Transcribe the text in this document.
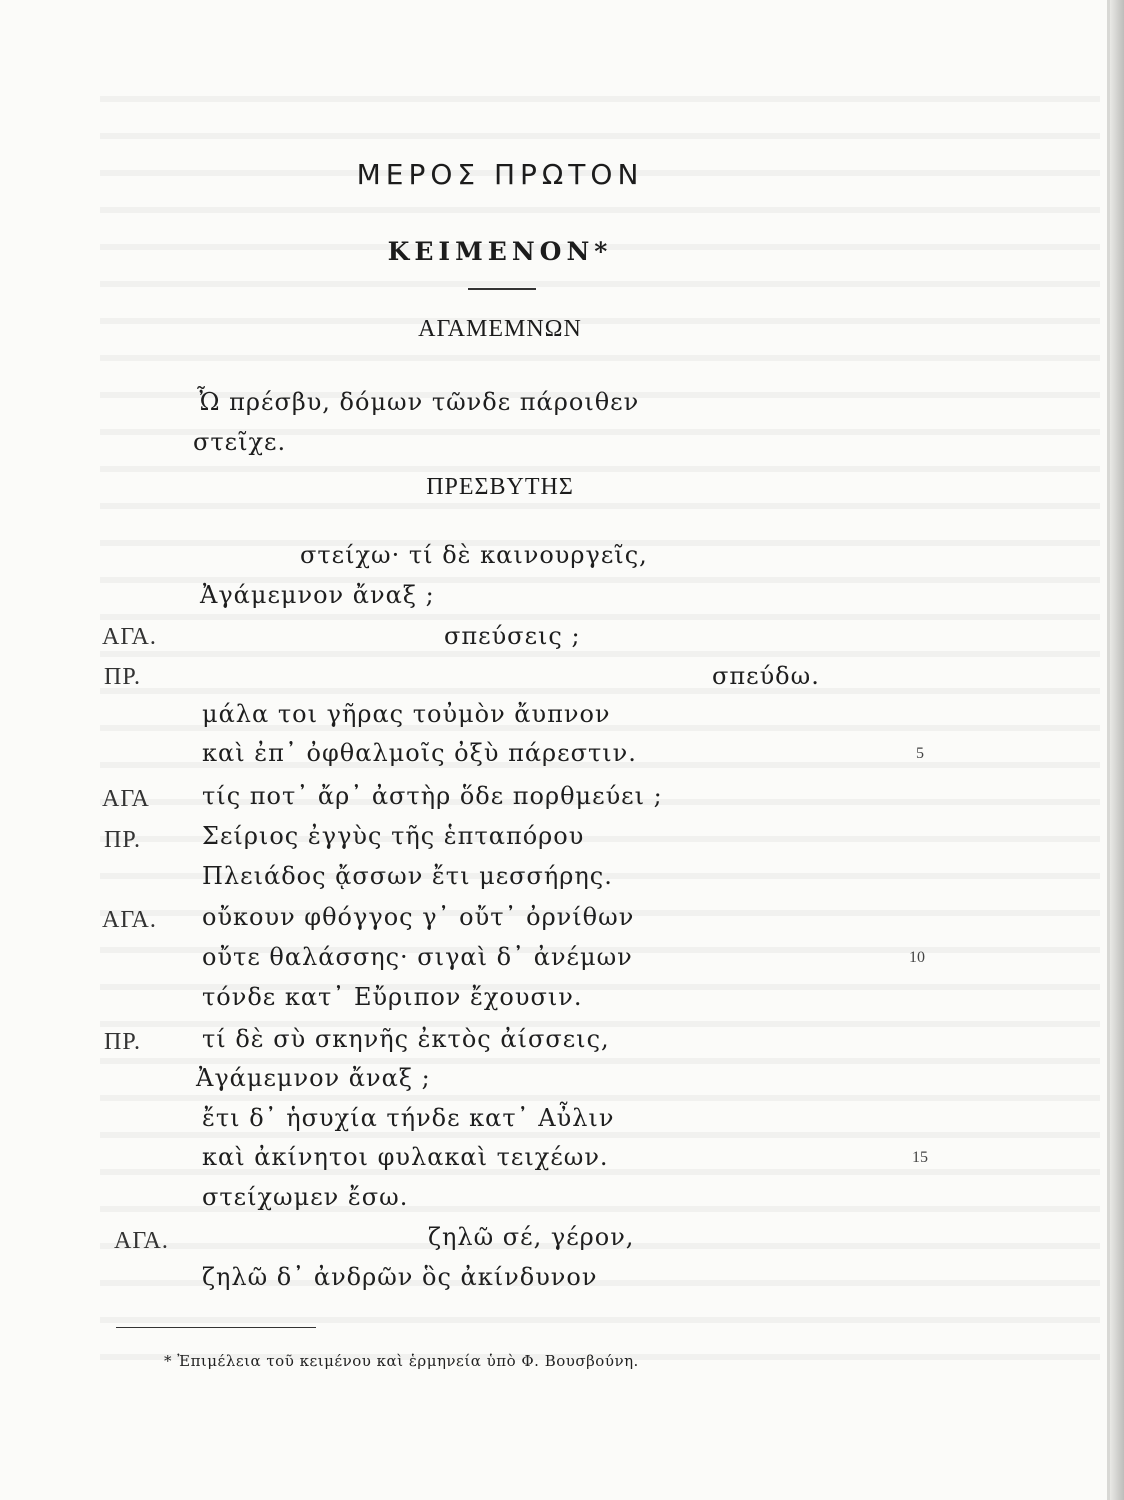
ΜΕΡΟΣ ΠΡΩΤΟΝ
ΚΕΙΜΕΝΟΝ*
ΑΓΑΜΕΜΝΩΝ
Ὦ πρέσβυ, δόμων τῶνδε πάροιθεν
στεῖχε.
ΠΡΕΣΒΥΤΗΣ
στείχω· τί δὲ καινουργεῖς,
Ἀγάμεμνον ἄναξ ;
ΑΓΑ.	σπεύσεις ;
ΠΡ.	σπεύδω.
μάλα τοι γῆρας τοὐμὸν ἄυπνον
καὶ ἐπ᾽ ὀφθαλμοῖς ὀξὺ πάρεστιν.	5
ΑΓΑ τίς ποτ᾽ ἄρ᾽ ἀστὴρ ὅδε πορθμεύει ;
ΠΡ.	Σείριος ἐγγὺς τῆς ἑπταπόρου
Πλειάδος ᾄσσων ἔτι μεσσήρης.
ΑΓΑ. οὔκουν φθόγγος γ᾽ οὔτ᾽ ὀρνίθων
οὔτε θαλάσσης· σιγαὶ δ᾽ ἀνέμων	10
τόνδε κατ᾽ Εὔριπον ἔχουσιν.
ΠΡ.	τί δὲ σὺ σκηνῆς ἐκτὸς ἀίσσεις,
Ἀγάμεμνον ἄναξ ;
ἔτι δ᾽ ἡσυχία τήνδε κατ᾽ Αὖλιν
καὶ ἀκίνητοι φυλακαὶ τειχέων.	15
στείχωμεν ἔσω.
ΑΓΑ.	ζηλῶ σέ, γέρον,
ζηλῶ δ᾽ ἀνδρῶν ὃς ἀκίνδυνον
* Ἐπιμέλεια τοῦ κειμένου καὶ ἑρμηνεία ὑπὸ Φ. Βουσβούνη.
